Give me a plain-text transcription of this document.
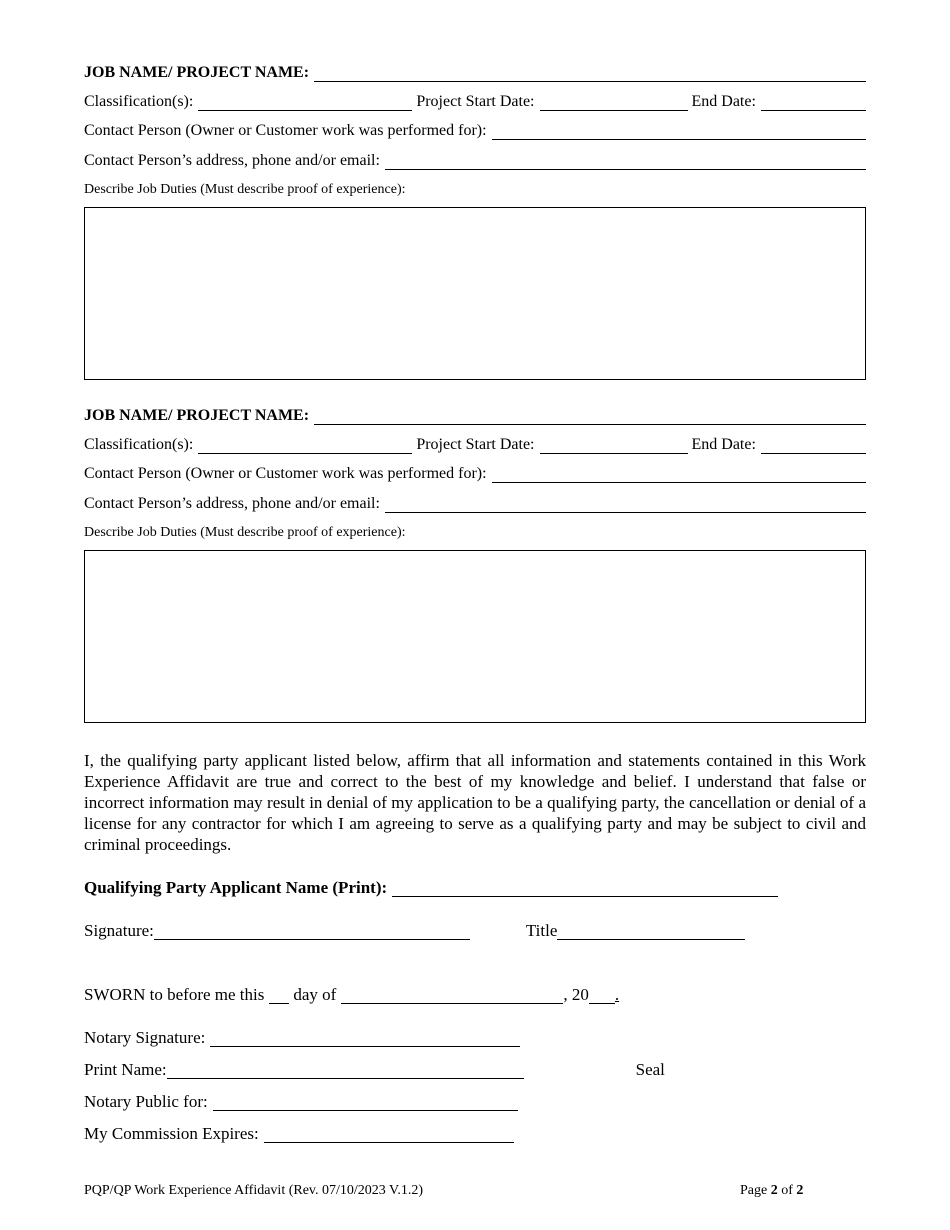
JOB NAME/ PROJECT NAME:
Classification(s):	Project Start Date:	End Date:
Contact Person (Owner or Customer work was performed for):
Contact Person’s address, phone and/or email:
Describe Job Duties (Must describe proof of experience):
JOB NAME/ PROJECT NAME:
Classification(s):	Project Start Date:	End Date:
Contact Person (Owner or Customer work was performed for):
Contact Person’s address, phone and/or email:
Describe Job Duties (Must describe proof of experience):
I, the qualifying party applicant listed below, affirm that all information and statements contained in this Work Experience Affidavit are true and correct to the best of my knowledge and belief. I understand that false or incorrect information may result in denial of my application to be a qualifying party, the cancellation or denial of a license for any contractor for which I am agreeing to serve as a qualifying party and may be subject to civil and criminal proceedings.
Qualifying Party Applicant Name (Print):
Signature:	Title
SWORN to before me this day of	, 20 .
Notary Signature:
Print Name:	Seal
Notary Public for:
My Commission Expires:
PQP/QP Work Experience Affidavit (Rev. 07/10/2023 V.1.2)	Page 2 of 2
